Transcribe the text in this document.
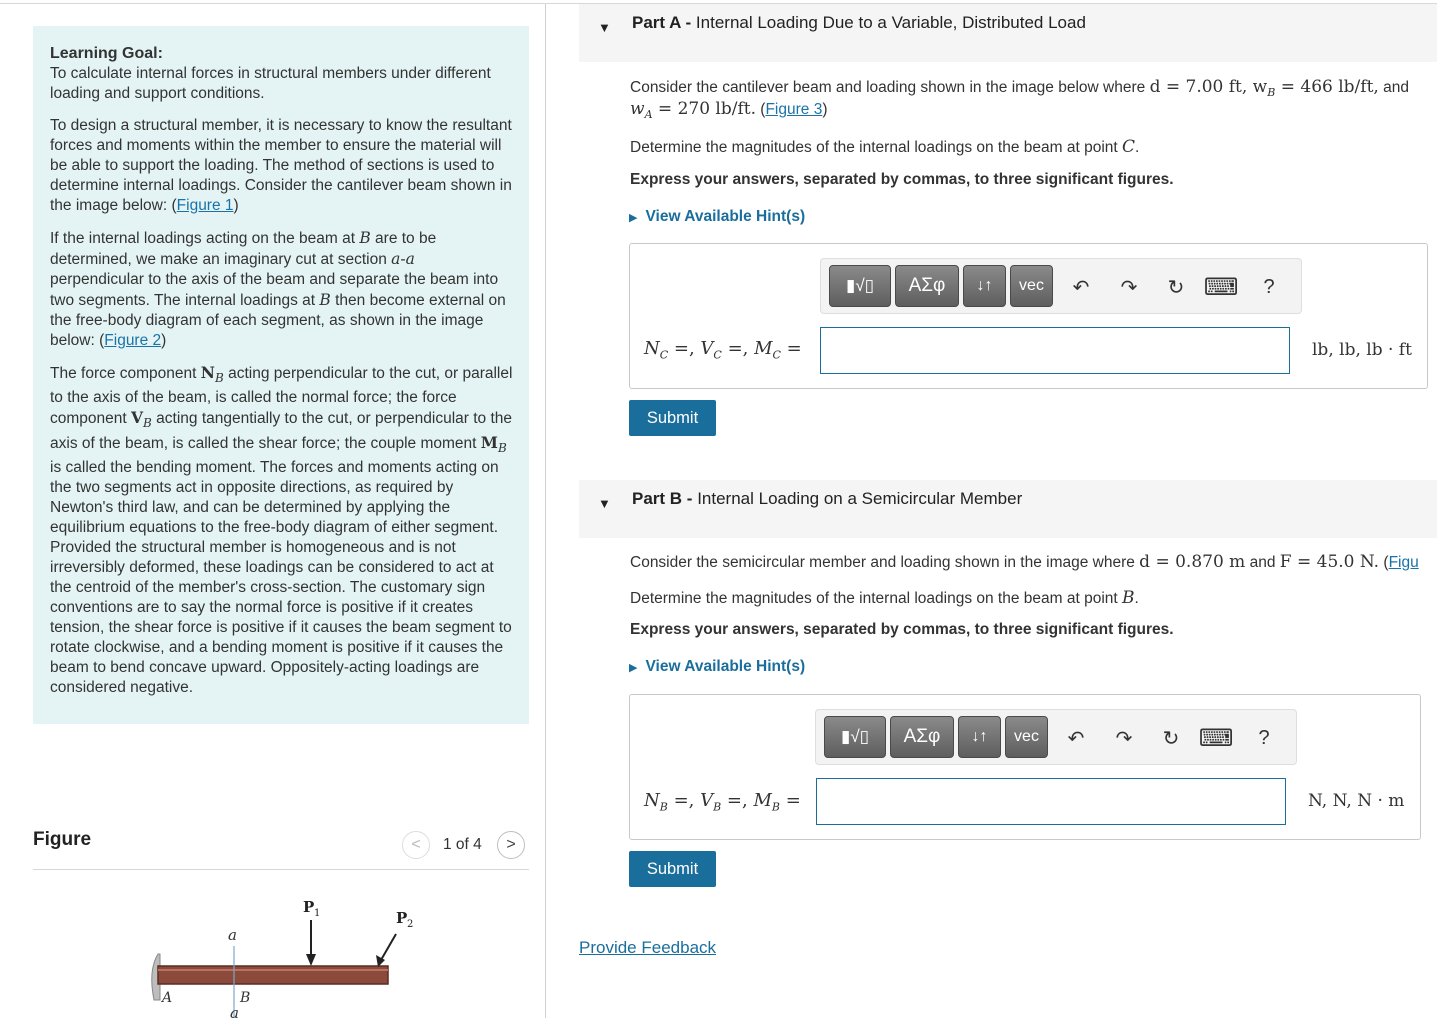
Learning Goal:

To calculate internal forces in structural members under different loading and support conditions.

To design a structural member, it is necessary to know the resultant forces and moments within the member to ensure the material will be able to support the loading. The method of sections is used to determine internal loadings. Consider the cantilever beam shown in the image below: (Figure 1)

If the internal loadings acting on the beam at B are to be determined, we make an imaginary cut at section a-a perpendicular to the axis of the beam and separate the beam into two segments. The internal loadings at B then become external on the free-body diagram of each segment, as shown in the image below: (Figure 2)

The force component $N_B$ acting perpendicular to the cut, or parallel to the axis of the beam, is called the normal force; the force component $V_B$ acting tangentially to the cut, or perpendicular to the axis of the beam, is called the shear force; the couple moment $M_B$ is called the bending moment. The forces and moments acting on the two segments act in opposite directions, as required by Newton's third law, and can be determined by applying the equilibrium equations to the free-body diagram of either segment. Provided the structural member is homogeneous and is not irreversibly deformed, these loadings can be considered to act at the centroid of the member's cross-section. The customary sign conventions are to say the normal force is positive if it creates tension, the shear force is positive if it causes the beam segment to rotate clockwise, and a bending moment is positive if it causes the beam to bend concave upward. Oppositely-acting loadings are considered negative.

Figure	<	1 of 4	>
a
a
P 1	P 2
A	B
▼ Part A - Internal Loading Due to a Variable, Distributed Load
Consider the cantilever beam and loading shown in the image below where d = 7.00 ft, $w_B = 466$ lb/ft, and
$w_A = 270$ lb/ft. (Figure 3)
Determine the magnitudes of the internal loadings on the beam at point C.
Express your answers, separated by commas, to three significant figures.
▶ View Available Hint(s)
▮√▯	ΑΣφ	↓↑	vec	↶ ↷ ↻ ⌨	?
$N_C$ =, $V_C$ =, $M_C$ =	lb, lb, lb · ft
Submit
▼ Part B - Internal Loading on a Semicircular Member
Consider the semicircular member and loading shown in the image where d = 0.870 m and F = 45.0 N. (Figu
Determine the magnitudes of the internal loadings on the beam at point B.
Express your answers, separated by commas, to three significant figures.
▶ View Available Hint(s)
▮√▯	ΑΣφ	↓↑	vec	↶ ↷ ↻ ⌨	?
$N_B$ =, $V_B$ =, $M_B$ =	N, N, N · m
Submit
Provide Feedback
